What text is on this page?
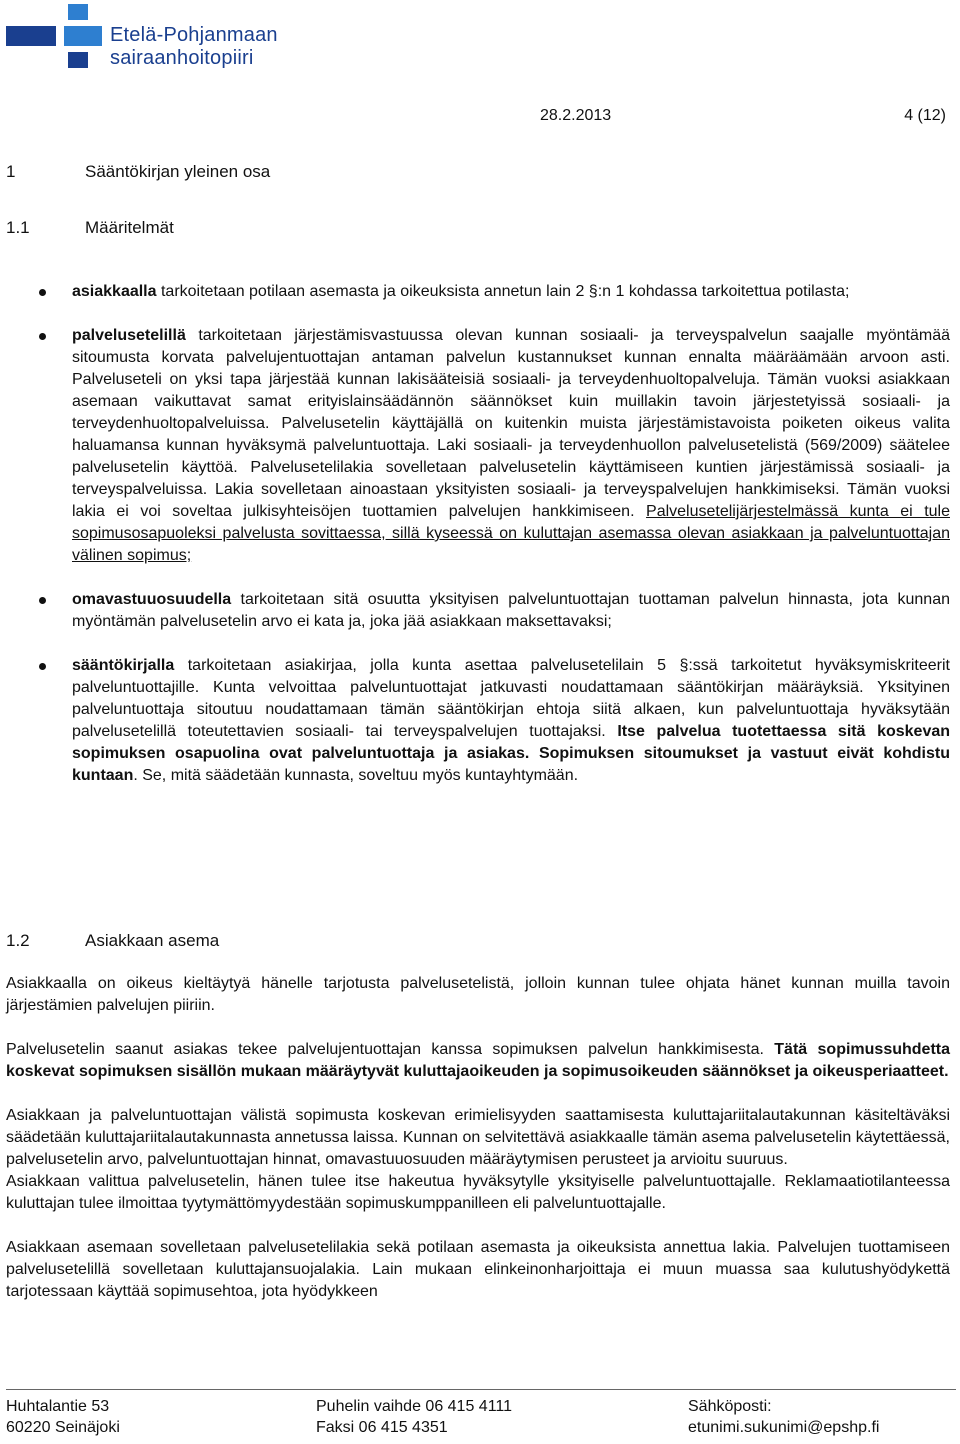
Etelä-Pohjanmaan
sairaanhoitopiiri
28.2.2013	4 (12)
1	Sääntökirjan yleinen osa
1.1	Määritelmät

asiakkaalla tarkoitetaan potilaan asemasta ja oikeuksista annetun lain 2 §:n 1 kohdassa tarkoitettua potilasta;

palvelusetelillä tarkoitetaan järjestämisvastuussa olevan kunnan sosiaali- ja terveyspalvelun saajalle myöntämää sitoumusta korvata palvelujentuottajan antaman palvelun kustannukset kunnan ennalta määräämään arvoon asti. Palveluseteli on yksi tapa järjestää kunnan lakisääteisiä sosiaali- ja terveydenhuoltopalveluja. Tämän vuoksi asiakkaan asemaan vaikuttavat samat erityislainsäädännön säännökset kuin muillakin tavoin järjestetyissä sosiaali- ja terveydenhuoltopalveluissa. Palvelusetelin käyttäjällä on kuitenkin muista järjestämistavoista poiketen oikeus valita haluamansa kunnan hyväksymä palveluntuottaja. Laki sosiaali- ja terveydenhuollon palvelusetelistä (569/2009) säätelee palvelusetelin käyttöä. Palvelusetelilakia sovelletaan palvelusetelin käyttämiseen kuntien järjestämissä sosiaali- ja terveyspalveluissa. Lakia sovelletaan ainoastaan yksityisten sosiaali- ja terveyspalvelujen hankkimiseksi. Tämän vuoksi lakia ei voi soveltaa julkisyhteisöjen tuottamien palvelujen hankkimiseen. Palvelusetelijärjestelmässä kunta ei tule sopimusosapuoleksi palvelusta sovittaessa, sillä kyseessä on kuluttajan asemassa olevan asiakkaan ja palveluntuottajan välinen sopimus;

omavastuuosuudella tarkoitetaan sitä osuutta yksityisen palveluntuottajan tuottaman palvelun hinnasta, jota kunnan myöntämän palvelusetelin arvo ei kata ja, joka jää asiakkaan maksettavaksi;

sääntökirjalla tarkoitetaan asiakirjaa, jolla kunta asettaa palvelusetelilain 5 §:ssä tarkoitetut hyväksymiskriteerit palveluntuottajille. Kunta velvoittaa palveluntuottajat jatkuvasti noudattamaan sääntökirjan määräyksiä. Yksityinen palveluntuottaja sitoutuu noudattamaan tämän sääntökirjan ehtoja siitä alkaen, kun palveluntuottaja hyväksytään palvelusetelillä toteutettavien sosiaali- tai terveyspalvelujen tuottajaksi. Itse palvelua tuotettaessa sitä koskevan sopimuksen osapuolina ovat palveluntuottaja ja asiakas. Sopimuksen sitoumukset ja vastuut eivät kohdistu kuntaan. Se, mitä säädetään kunnasta, soveltuu myös kuntayhtymään.

1.2	Asiakkaan asema

Asiakkaalla on oikeus kieltäytyä hänelle tarjotusta palvelusetelistä, jolloin kunnan tulee ohjata hänet kunnan muilla tavoin järjestämien palvelujen piiriin.

Palvelusetelin saanut asiakas tekee palvelujentuottajan kanssa sopimuksen palvelun hankkimisesta. Tätä sopimussuhdetta koskevat sopimuksen sisällön mukaan määräytyvät kuluttajaoikeuden ja sopimusoikeuden säännökset ja oikeusperiaatteet.

Asiakkaan ja palveluntuottajan välistä sopimusta koskevan erimielisyyden saattamisesta kuluttajariitalautakunnan käsiteltäväksi säädetään kuluttajariitalautakunnasta annetussa laissa. Kunnan on selvitettävä asiakkaalle tämän asema palvelusetelin käytettäessä, palvelusetelin arvo, palveluntuottajan hinnat, omavastuuosuuden määräytymisen perusteet ja arvioitu suuruus.

Asiakkaan valittua palvelusetelin, hänen tulee itse hakeutua hyväksytylle yksityiselle palveluntuottajalle. Reklamaatiotilanteessa kuluttajan tulee ilmoittaa tyytymättömyydestään sopimuskumppanilleen eli palveluntuottajalle.

Asiakkaan asemaan sovelletaan palvelusetelilakia sekä potilaan asemasta ja oikeuksista annettua lakia. Palvelujen tuottamiseen palvelusetelillä sovelletaan kuluttajansuojalakia. Lain mukaan elinkeinonharjoittaja ei muun muassa saa kulutushyödykettä tarjotessaan käyttää sopimusehtoa, jota hyödykkeen

Huhtalantie 53
60220 Seinäjoki
Puhelin vaihde 06 415 4111
Faksi 06 415 4351
Sähköposti:
etunimi.sukunimi@epshp.fi
